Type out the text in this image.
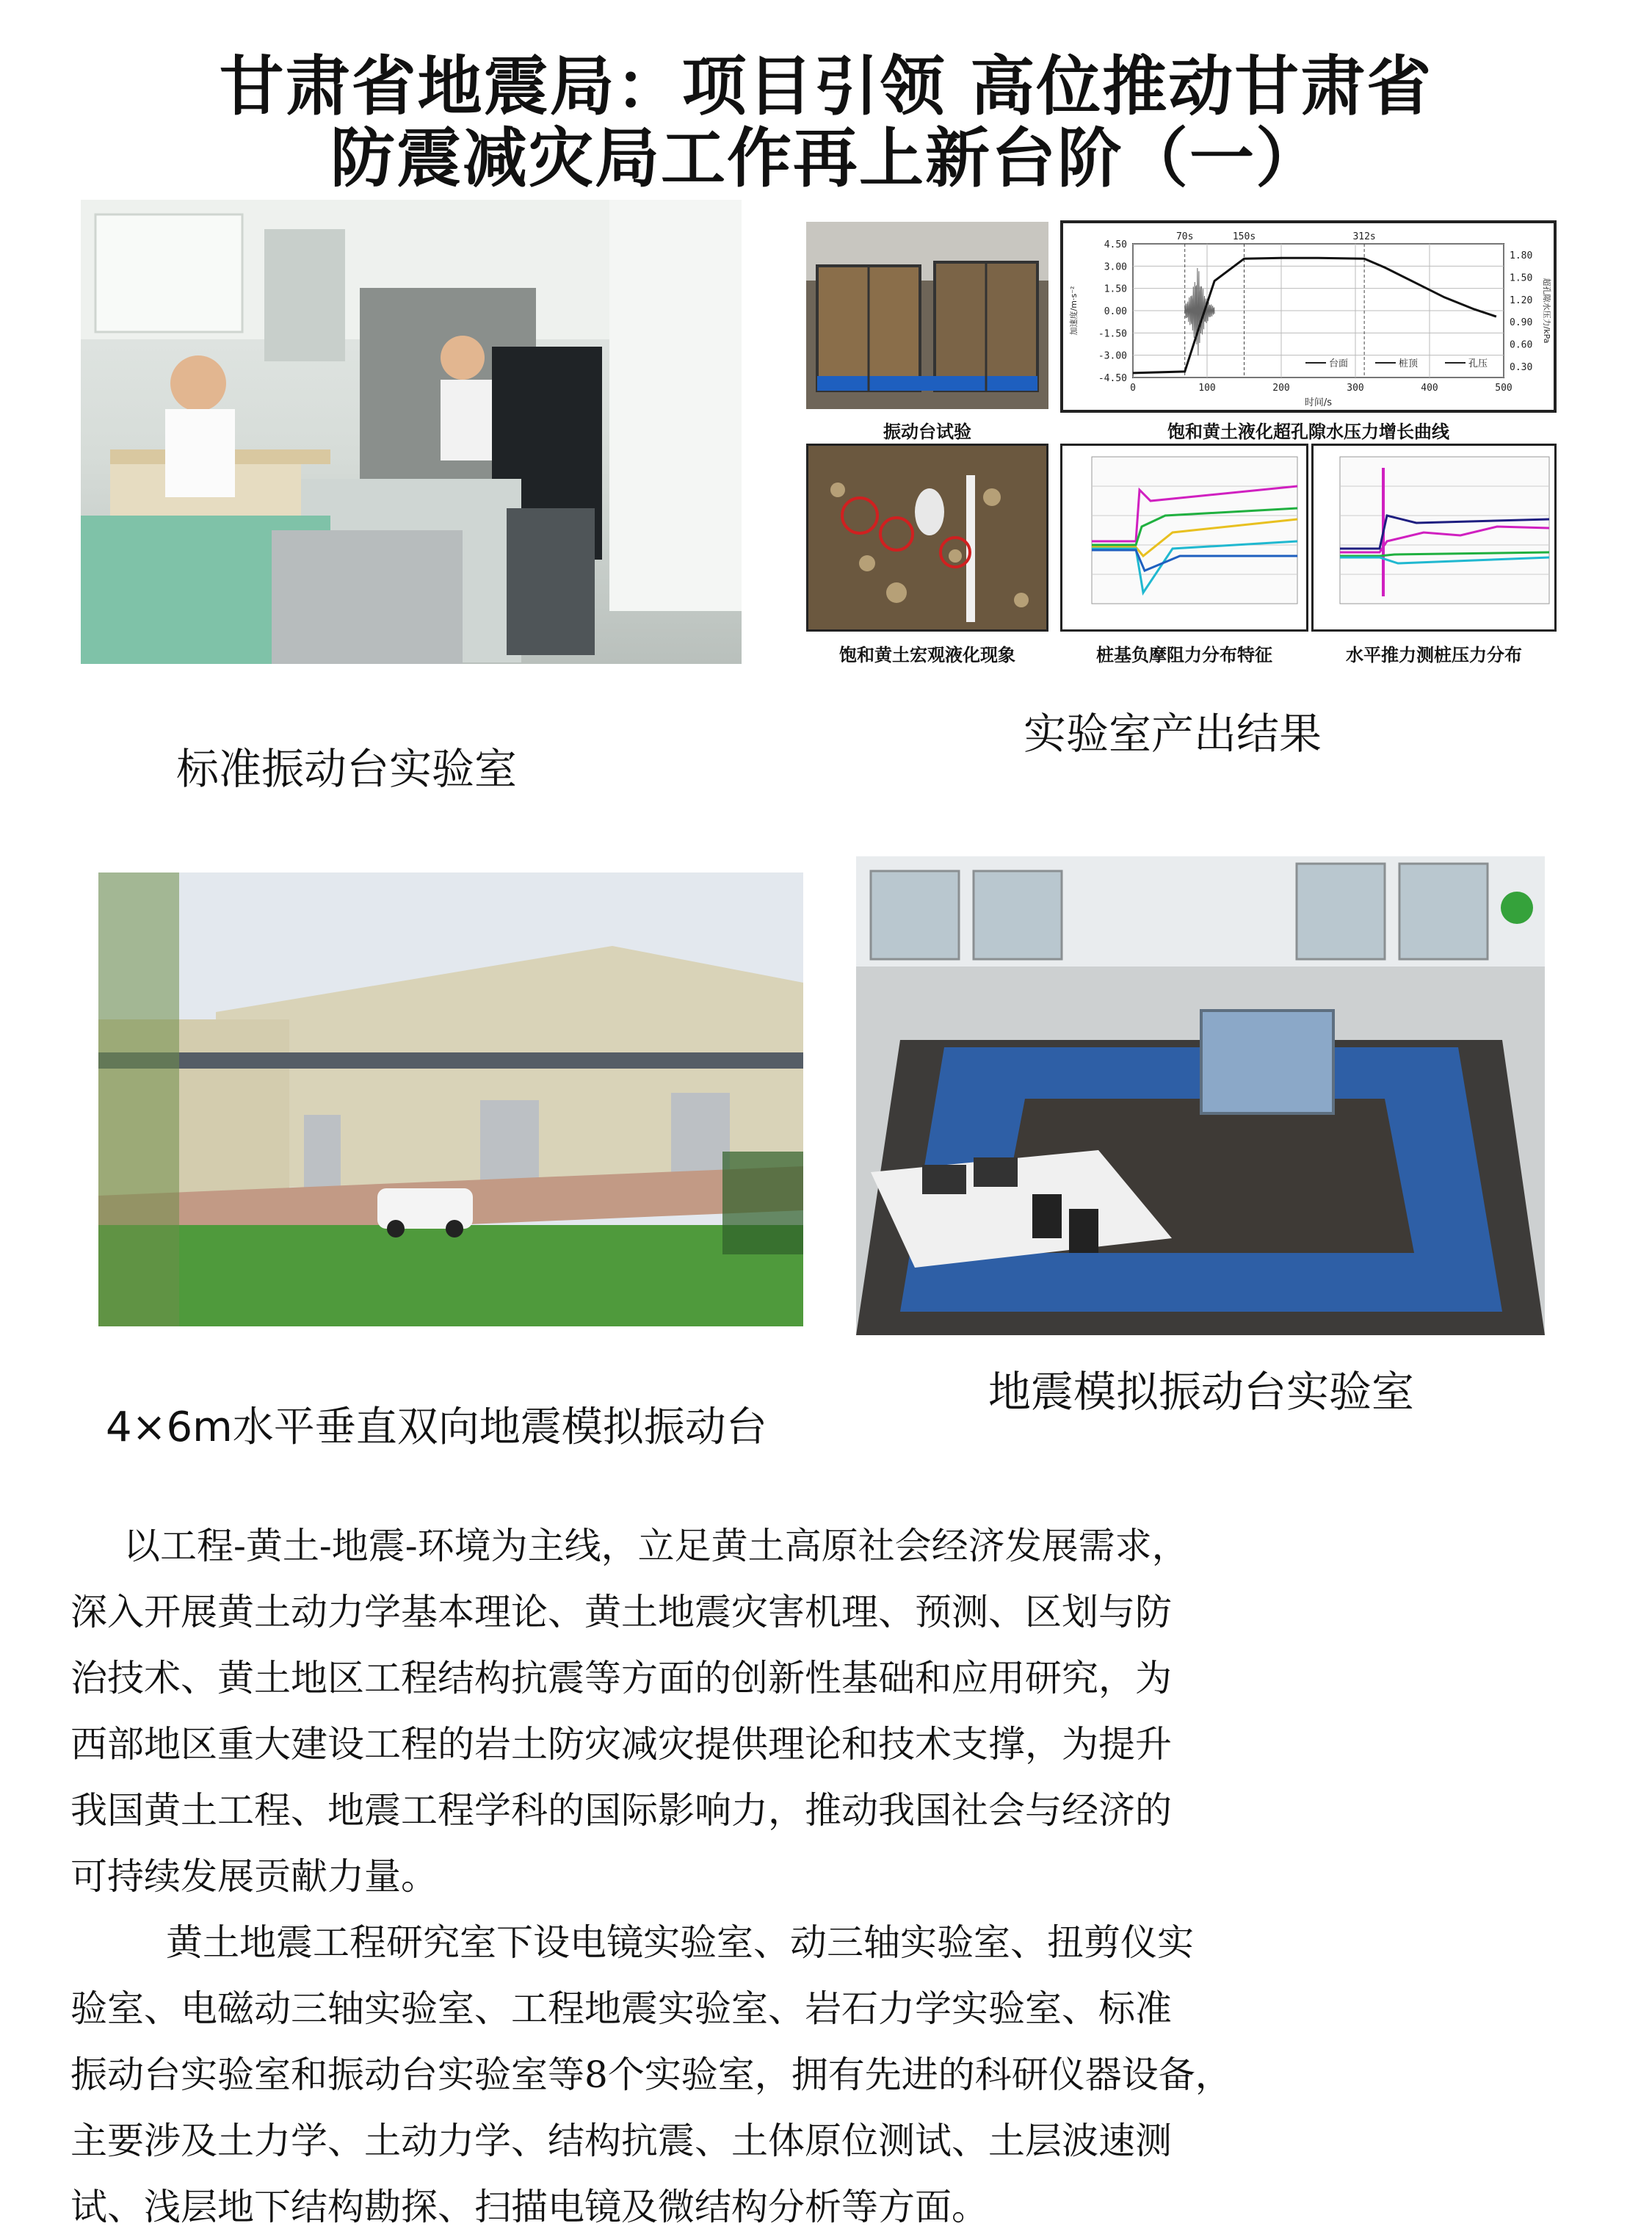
甘肃省地震局：项目引领 高位推动甘肃省
防震减灾局工作再上新台阶（一）
振动台试验
-4.50
-3.00
-1.50
0.00
1.50
3.00
4.50
0.30
0.60
0.90
1.20
1.50
1.80
0	100	200	300	400	500
时间/s
加速度/m·s⁻²	超孔隙水压力/kPa
70s	150s	312s
台面	桩顶	孔压
饱和黄土液化超孔隙水压力增长曲线
饱和黄土宏观液化现象	桩基负摩阻力分布特征	水平推力测桩压力分布
标准振动台实验室
实验室产出结果
4×6m水平垂直双向地震模拟振动台
地震模拟振动台实验室
以工程-黄土-地震-环境为主线，立足黄土高原社会经济发展需求，
深入开展黄土动力学基本理论、黄土地震灾害机理、预测、区划与防
治技术、黄土地区工程结构抗震等方面的创新性基础和应用研究，为
西部地区重大建设工程的岩土防灾减灾提供理论和技术支撑，为提升
我国黄土工程、地震工程学科的国际影响力，推动我国社会与经济的
可持续发展贡献力量。
黄土地震工程研究室下设电镜实验室、动三轴实验室、扭剪仪实
验室、电磁动三轴实验室、工程地震实验室、岩石力学实验室、标准
振动台实验室和振动台实验室等8个实验室，拥有先进的科研仪器设备，
主要涉及土力学、土动力学、结构抗震、土体原位测试、土层波速测
试、浅层地下结构勘探、扫描电镜及微结构分析等方面。
